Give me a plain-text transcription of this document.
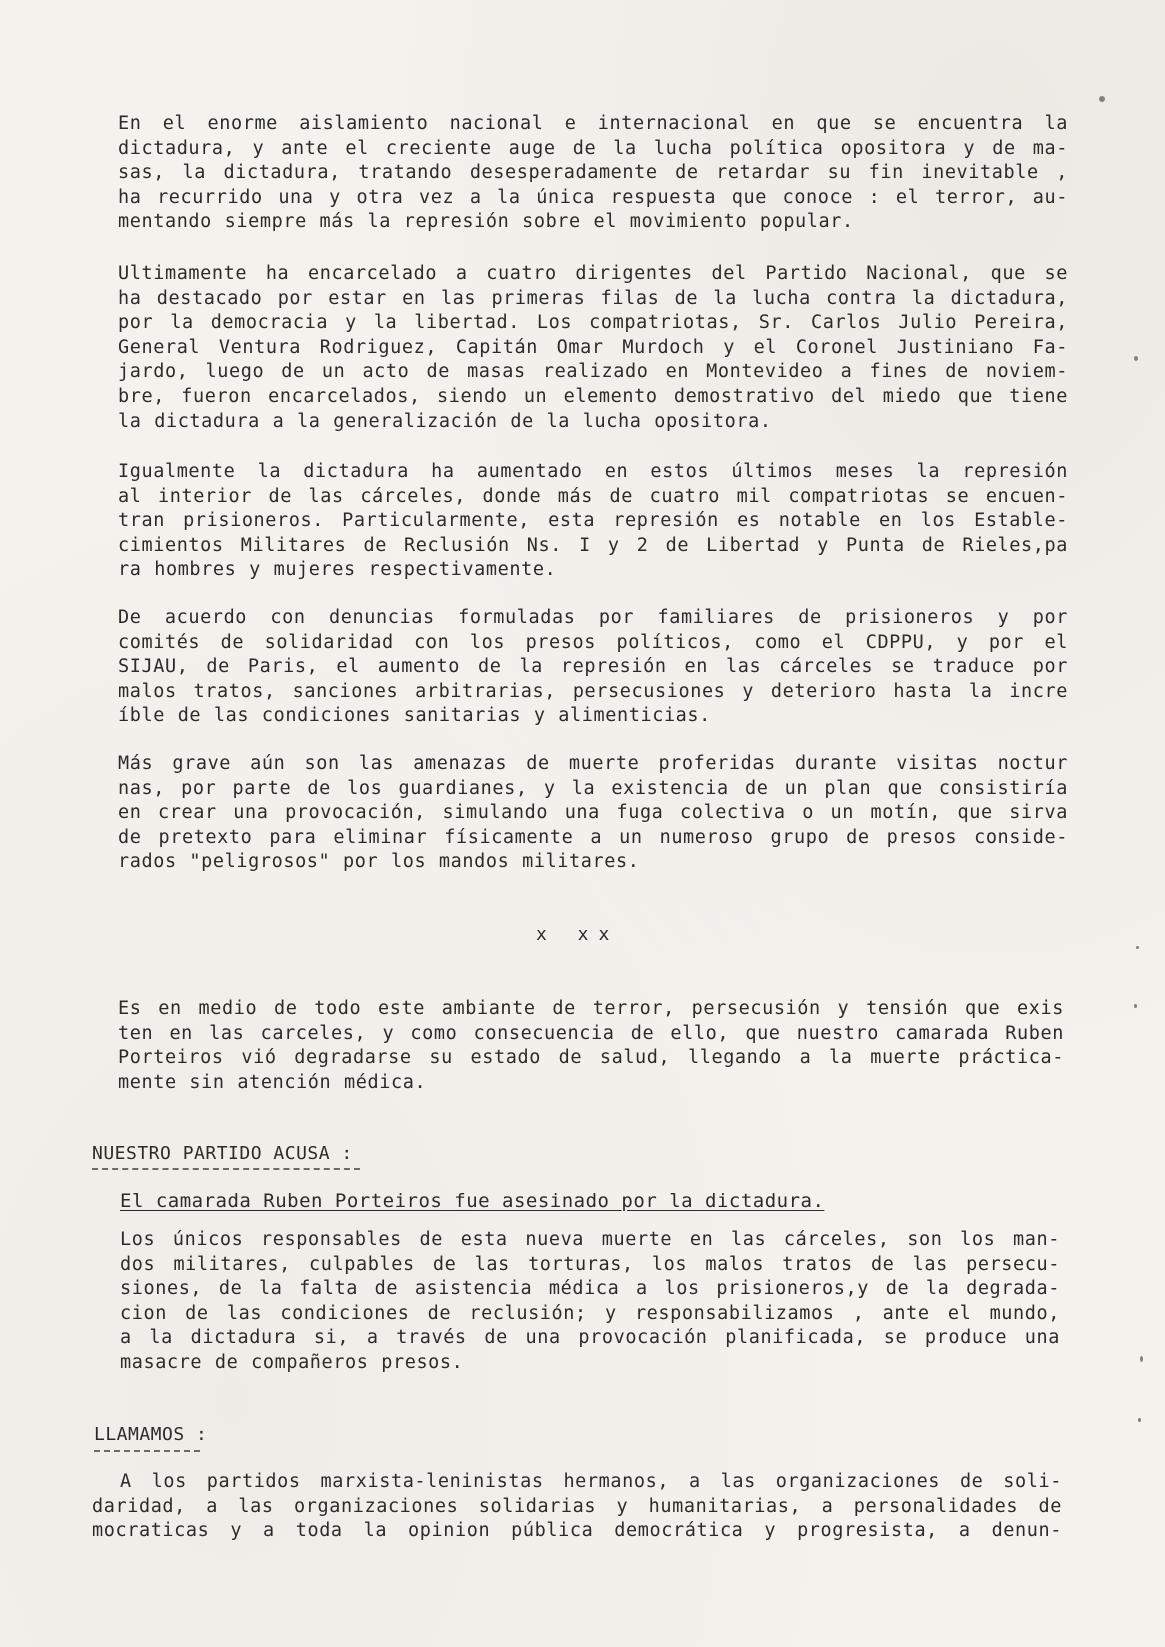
En el enorme aislamiento nacional e internacional en que se encuentra la
dictadura, y ante el creciente auge de la lucha política opositora y de ma-
sas, la dictadura, tratando desesperadamente de retardar su fin inevitable ,
ha recurrido una y otra vez a la única respuesta que conoce : el terror, au-
mentando siempre más la represión sobre el movimiento popular.

Ultimamente ha encarcelado a cuatro dirigentes del Partido Nacional, que se
ha destacado por estar en las primeras filas de la lucha contra la dictadura,
por la democracia y la libertad. Los compatriotas, Sr. Carlos Julio Pereira,
General Ventura Rodriguez, Capitán Omar Murdoch y el Coronel Justiniano Fa-
jardo, luego de un acto de masas realizado en Montevideo a fines de noviem-
bre, fueron encarcelados, siendo un elemento demostrativo del miedo que tiene
la dictadura a la generalización de la lucha opositora.

Igualmente la dictadura ha aumentado en estos últimos meses la represión
al interior de las cárceles, donde más de cuatro mil compatriotas se encuen-
tran prisioneros. Particularmente, esta represión es notable en los Estable-
cimientos Militares de Reclusión Ns. I y 2 de Libertad y Punta de Rieles,pa
ra hombres y mujeres respectivamente.

De acuerdo con denuncias formuladas por familiares de prisioneros y por
comités de solidaridad con los presos políticos, como el CDPPU, y por el
SIJAU, de Paris, el aumento de la represión en las cárceles se traduce por
malos tratos, sanciones arbitrarias, persecusiones y deterioro hasta la incre
íble de las condiciones sanitarias y alimenticias.

Más grave aún son las amenazas de muerte proferidas durante visitas noctur
nas, por parte de los guardianes, y la existencia de un plan que consistiría
en crear una provocación, simulando una fuga colectiva o un motín, que sirva
de pretexto para eliminar físicamente a un numeroso grupo de presos conside-
rados "peligrosos" por los mandos militares.

x xx

Es en medio de todo este ambiante de terror, persecusión y tensión que exis
ten en las carceles, y como consecuencia de ello, que nuestro camarada Ruben
Porteiros vió degradarse su estado de salud, llegando a la muerte práctica-
mente sin atención médica.

NUESTRO PARTIDO ACUSA :
El camarada Ruben Porteiros fue asesinado por la dictadura.

Los únicos responsables de esta nueva muerte en las cárceles, son los man-
dos militares, culpables de las torturas, los malos tratos de las persecu-
siones, de la falta de asistencia médica a los prisioneros,y de la degrada-
cion de las condiciones de reclusión; y responsabilizamos , ante el mundo,
a la dictadura si, a través de una provocación planificada, se produce una
masacre de compañeros presos.

LLAMAMOS :

A los partidos marxista-leninistas hermanos, a las organizaciones de soli-
daridad, a las organizaciones solidarias y humanitarias, a personalidades de
mocraticas y a toda la opinion pública democrática y progresista, a denun-
